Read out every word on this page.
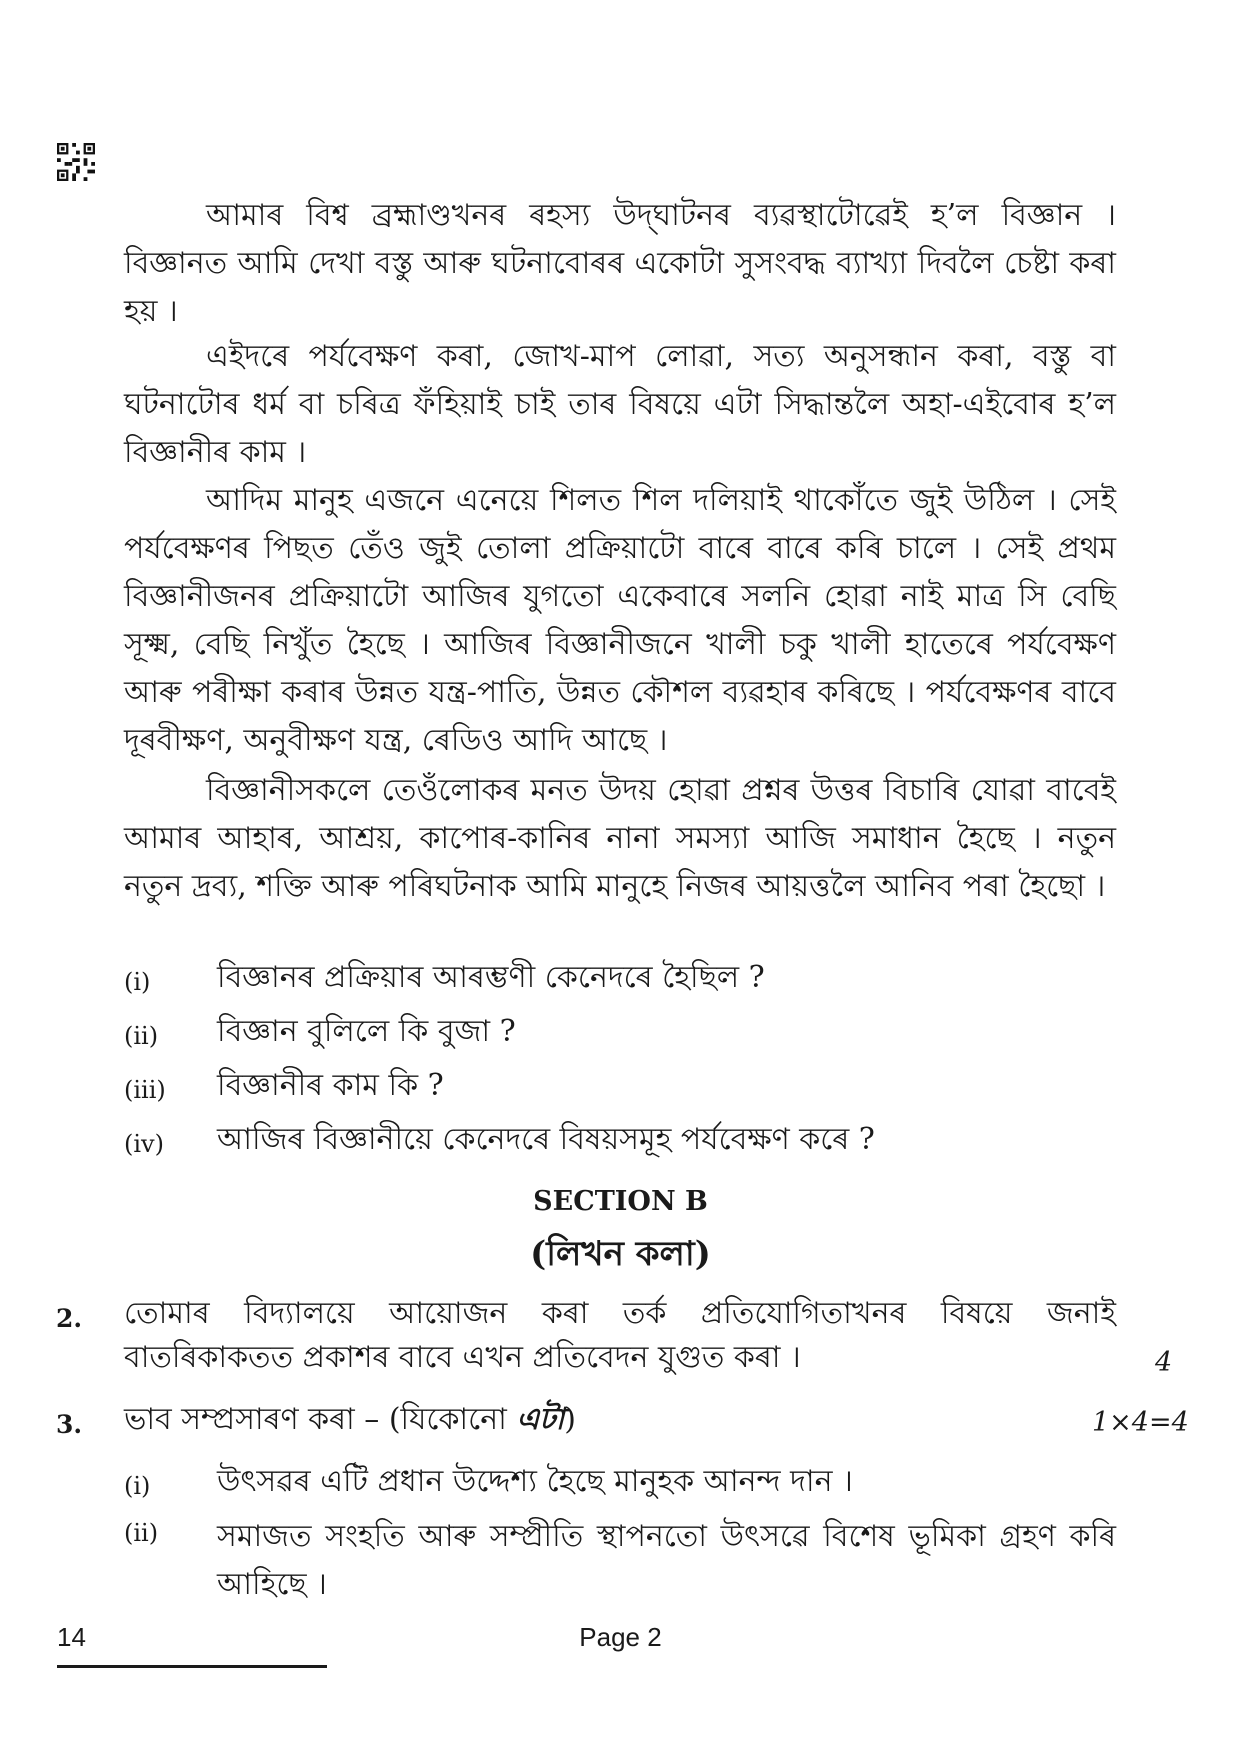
আমাৰ বিশ্ব ব্ৰহ্মাণ্ডখনৰ ৰহস্য উদ্‌ঘাটনৰ ব্যৱস্থাটোৱেই হ’ল বিজ্ঞান । বিজ্ঞানত আমি দেখা বস্তু আৰু ঘটনাবোৰৰ একোটা সুসংবদ্ধ ব্যাখ্যা দিবলৈ চেষ্টা কৰা হয় ।

এইদৰে পৰ্যবেক্ষণ কৰা, জোখ-মাপ লোৱা, সত্য অনুসন্ধান কৰা, বস্তু বা ঘটনাটোৰ ধৰ্ম বা চৰিত্ৰ ফঁহিয়াই চাই তাৰ বিষয়ে এটা সিদ্ধান্তলৈ অহা-এইবোৰ হ’ল বিজ্ঞানীৰ কাম ।

আদিম মানুহ এজনে এনেয়ে শিলত শিল দলিয়াই থাকোঁতে জুই উঠিল । সেই পৰ্যবেক্ষণৰ পিছত তেঁও জুই তোলা প্ৰক্ৰিয়াটো বাৰে বাৰে কৰি চালে । সেই প্ৰথম বিজ্ঞানীজনৰ প্ৰক্ৰিয়াটো আজিৰ যুগতো একেবাৰে সলনি হোৱা নাই মাত্ৰ সি বেছি সূক্ষ্ম, বেছি নিখুঁত হৈছে । আজিৰ বিজ্ঞানীজনে খালী চকু খালী হাতেৰে পৰ্যবেক্ষণ আৰু পৰীক্ষা কৰাৰ উন্নত যন্ত্ৰ-পাতি, উন্নত কৌশল ব্যৱহাৰ কৰিছে । পৰ্যবেক্ষণৰ বাবে দূৰবীক্ষণ, অনুবীক্ষণ যন্ত্ৰ, ৰেডিও আদি আছে ।

বিজ্ঞানীসকলে তেওঁলোকৰ মনত উদয় হোৱা প্ৰশ্নৰ উত্তৰ বিচাৰি যোৱা বাবেই আমাৰ আহাৰ, আশ্ৰয়, কাপোৰ-কানিৰ নানা সমস্যা আজি সমাধান হৈছে । নতুন নতুন দ্ৰব্য, শক্তি আৰু পৰিঘটনাক আমি মানুহে নিজৰ আয়ত্তলৈ আনিব পৰা হৈছো ।

(i) বিজ্ঞানৰ প্ৰক্ৰিয়াৰ আৰম্ভণী কেনেদৰে হৈছিল ?
(ii) বিজ্ঞান বুলিলে কি বুজা ?
(iii) বিজ্ঞানীৰ কাম কি ?
(iv) আজিৰ বিজ্ঞানীয়ে কেনেদৰে বিষয়সমূহ পৰ্যবেক্ষণ কৰে ?
SECTION B
(লিখন কলা)
2. তোমাৰ বিদ্যালয়ে আয়োজন কৰা তৰ্ক প্ৰতিযোগিতাখনৰ বিষয়ে জনাই বাতৰিকাকতত প্ৰকাশৰ বাবে এখন প্ৰতিবেদন যুগুত কৰা ।	4
3. ভাব সম্প্ৰসাৰণ কৰা – (যিকোনো এটা)	1×4=4
(i) উৎসৱৰ এটি প্ৰধান উদ্দেশ্য হৈছে মানুহক আনন্দ দান ।
(ii) সমাজত সংহতি আৰু সম্প্ৰীতি স্থাপনতো উৎসৱে বিশেষ ভূমিকা গ্ৰহণ কৰি আহিছে ।

14	Page 2
